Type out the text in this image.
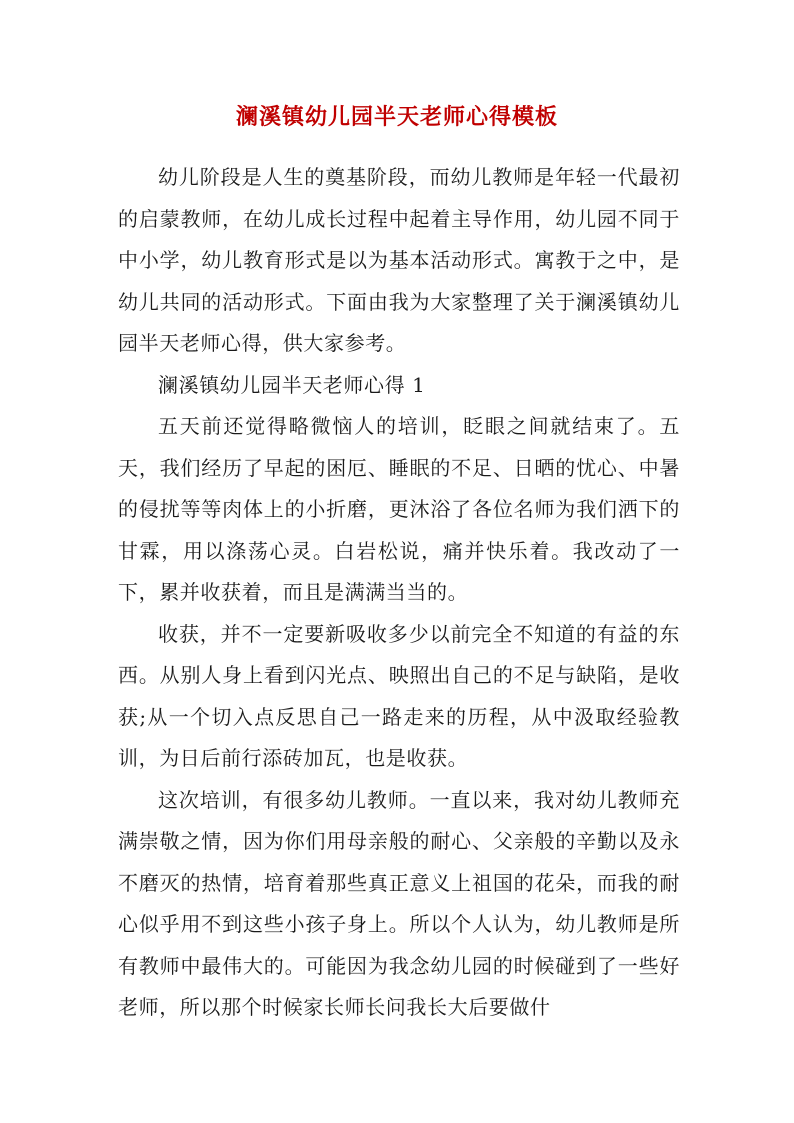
澜溪镇幼儿园半天老师心得模板

幼儿阶段是人生的奠基阶段，而幼儿教师是年轻一代最初的启蒙教师，在幼儿成长过程中起着主导作用，幼儿园不同于中小学，幼儿教育形式是以为基本活动形式。寓教于之中，是幼儿共同的活动形式。下面由我为大家整理了关于澜溪镇幼儿园半天老师心得，供大家参考。

澜溪镇幼儿园半天老师心得 1

五天前还觉得略微恼人的培训，眨眼之间就结束了。五天，我们经历了早起的困厄、睡眠的不足、日晒的忧心、中暑的侵扰等等肉体上的小折磨，更沐浴了各位名师为我们洒下的甘霖，用以涤荡心灵。白岩松说，痛并快乐着。我改动了一下，累并收获着，而且是满满当当的。

收获，并不一定要新吸收多少以前完全不知道的有益的东西。从别人身上看到闪光点、映照出自己的不足与缺陷，是收获;从一个切入点反思自己一路走来的历程，从中汲取经验教训，为日后前行添砖加瓦，也是收获。

这次培训，有很多幼儿教师。一直以来，我对幼儿教师充满崇敬之情，因为你们用母亲般的耐心、父亲般的辛勤以及永不磨灭的热情，培育着那些真正意义上祖国的花朵，而我的耐心似乎用不到这些小孩子身上。所以个人认为，幼儿教师是所有教师中最伟大的。可能因为我念幼儿园的时候碰到了一些好老师，所以那个时候家长师长问我长大后要做什
